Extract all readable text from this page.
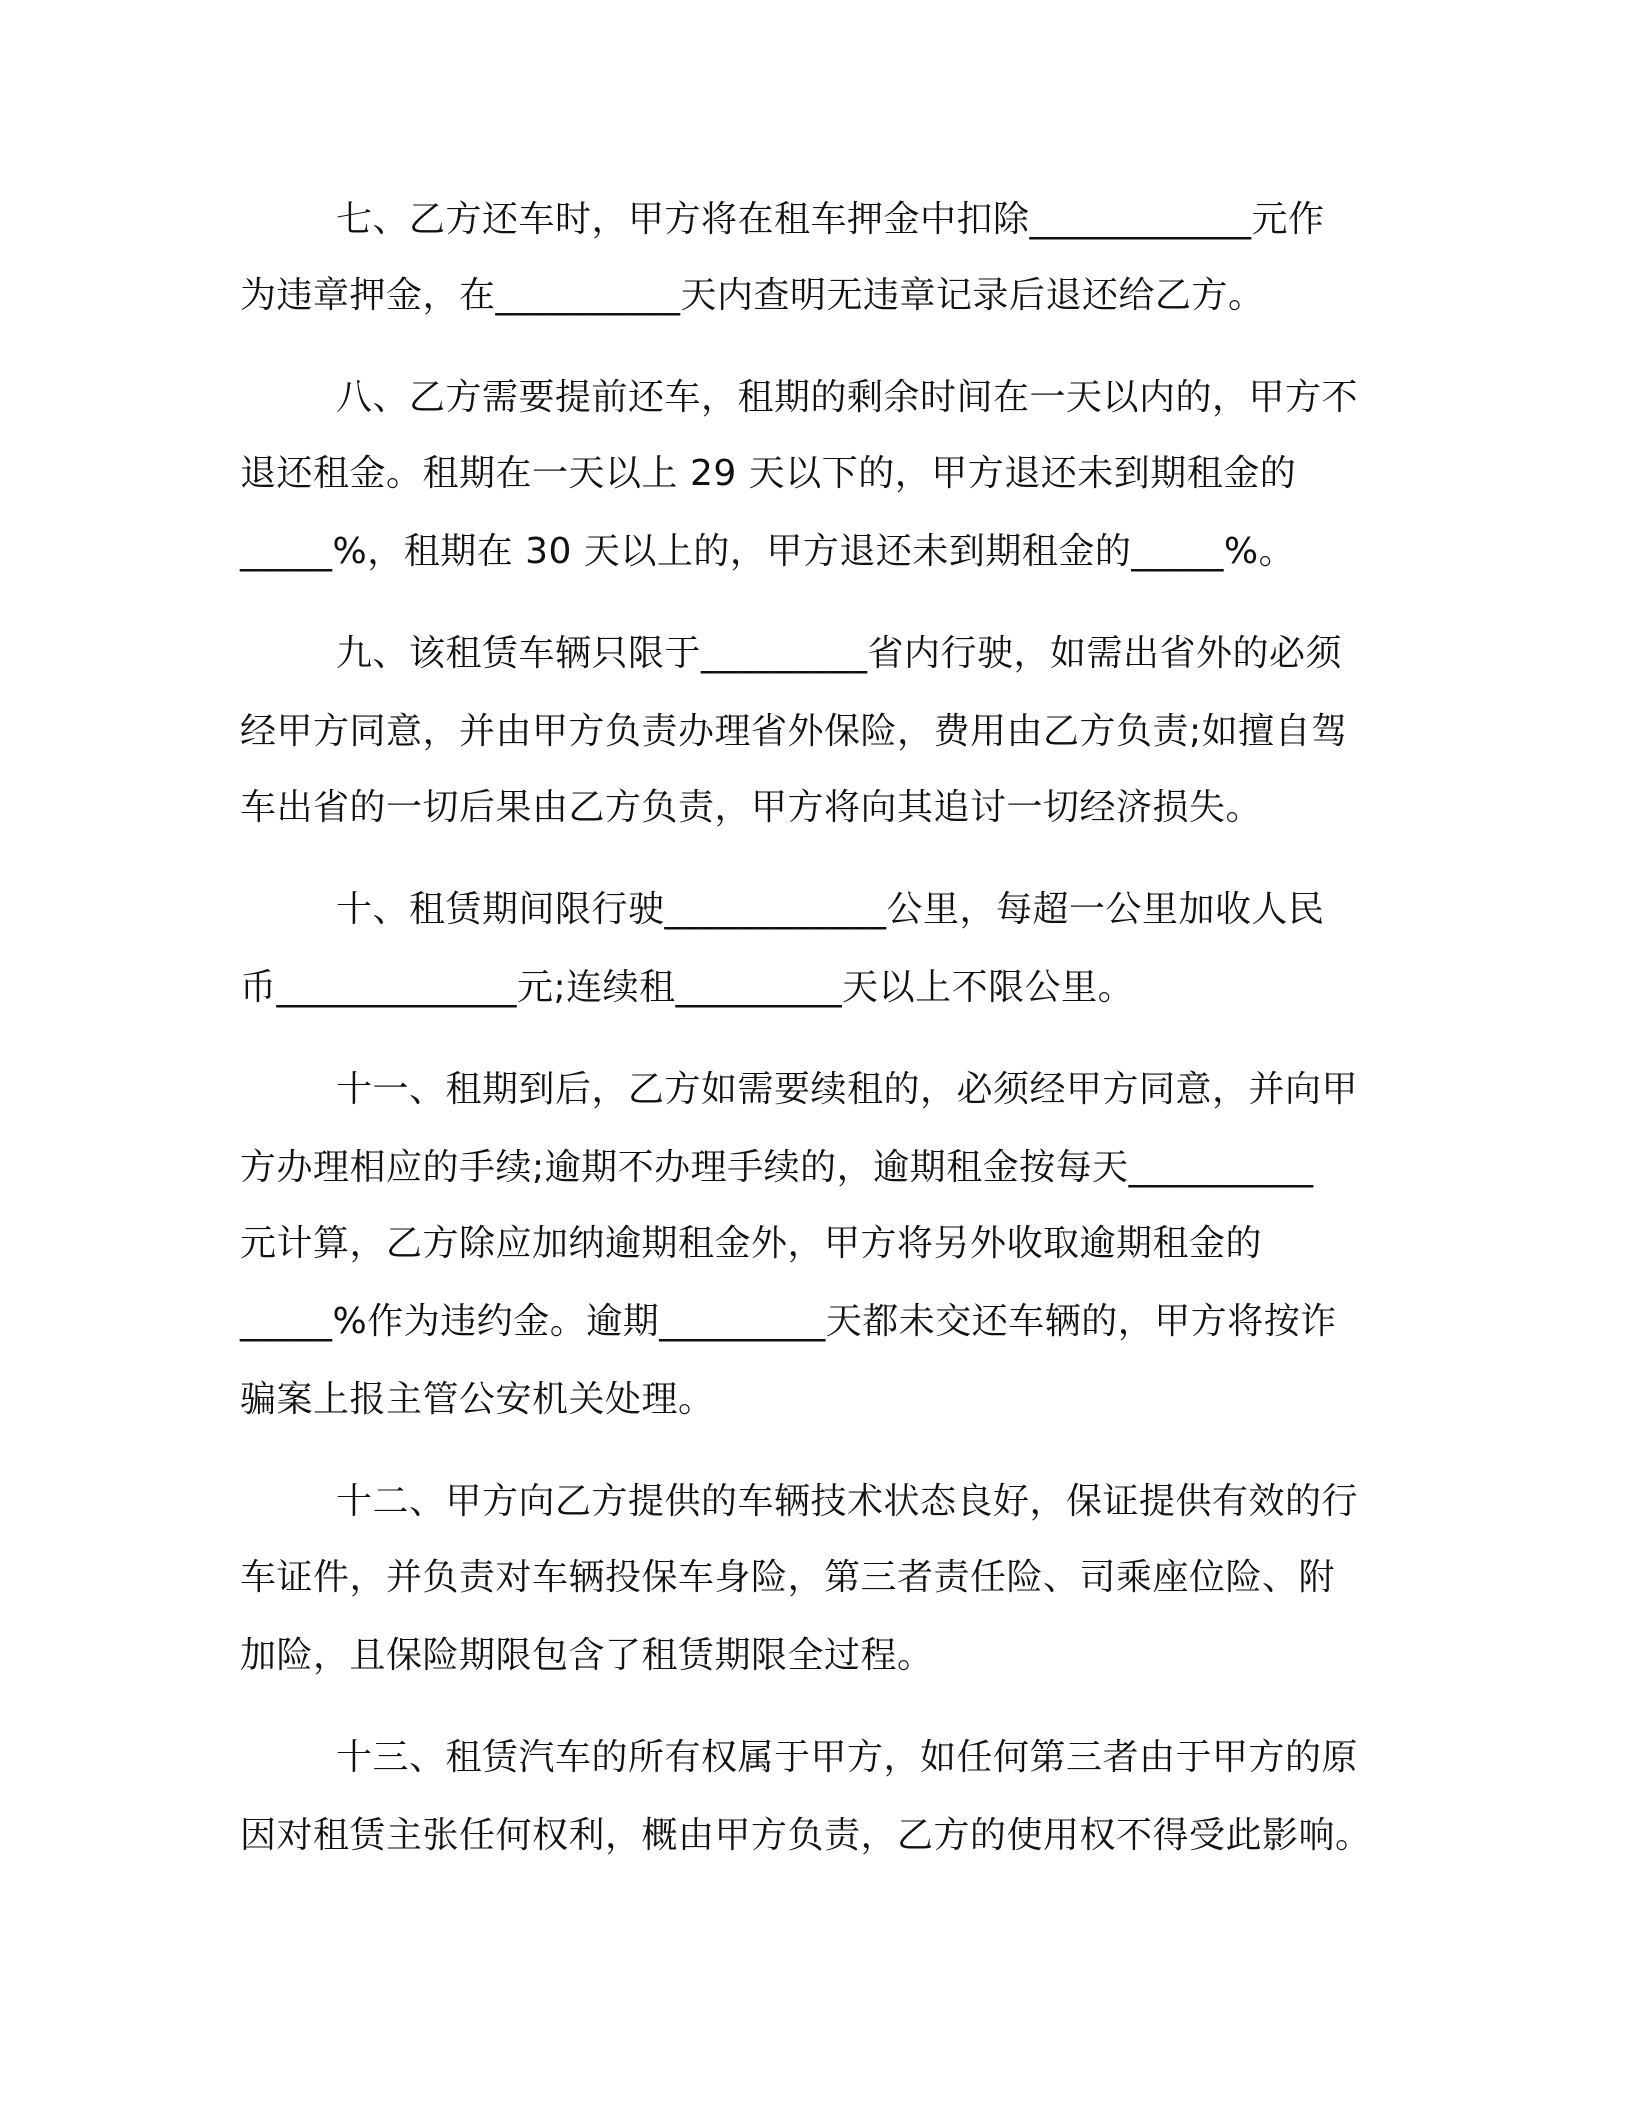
七、乙方还车时，甲方将在租车押金中扣除____________元作

为违章押金，在__________天内查明无违章记录后退还给乙方。

八、乙方需要提前还车，租期的剩余时间在一天以内的，甲方不

退还租金。租期在一天以上 29 天以下的，甲方退还未到期租金的

_____%，租期在 30 天以上的，甲方退还未到期租金的_____%。

九、该租赁车辆只限于_________省内行驶，如需出省外的必须

经甲方同意，并由甲方负责办理省外保险，费用由乙方负责;如擅自驾

车出省的一切后果由乙方负责，甲方将向其追讨一切经济损失。

十、租赁期间限行驶____________公里，每超一公里加收人民

币_____________元;连续租_________天以上不限公里。

十一、租期到后，乙方如需要续租的，必须经甲方同意，并向甲

方办理相应的手续;逾期不办理手续的，逾期租金按每天__________

元计算，乙方除应加纳逾期租金外，甲方将另外收取逾期租金的

_____%作为违约金。逾期_________天都未交还车辆的，甲方将按诈

骗案上报主管公安机关处理。

十二、甲方向乙方提供的车辆技术状态良好，保证提供有效的行

车证件，并负责对车辆投保车身险，第三者责任险、司乘座位险、附

加险，且保险期限包含了租赁期限全过程。

十三、租赁汽车的所有权属于甲方，如任何第三者由于甲方的原

因对租赁主张任何权利，概由甲方负责，乙方的使用权不得受此影响。
